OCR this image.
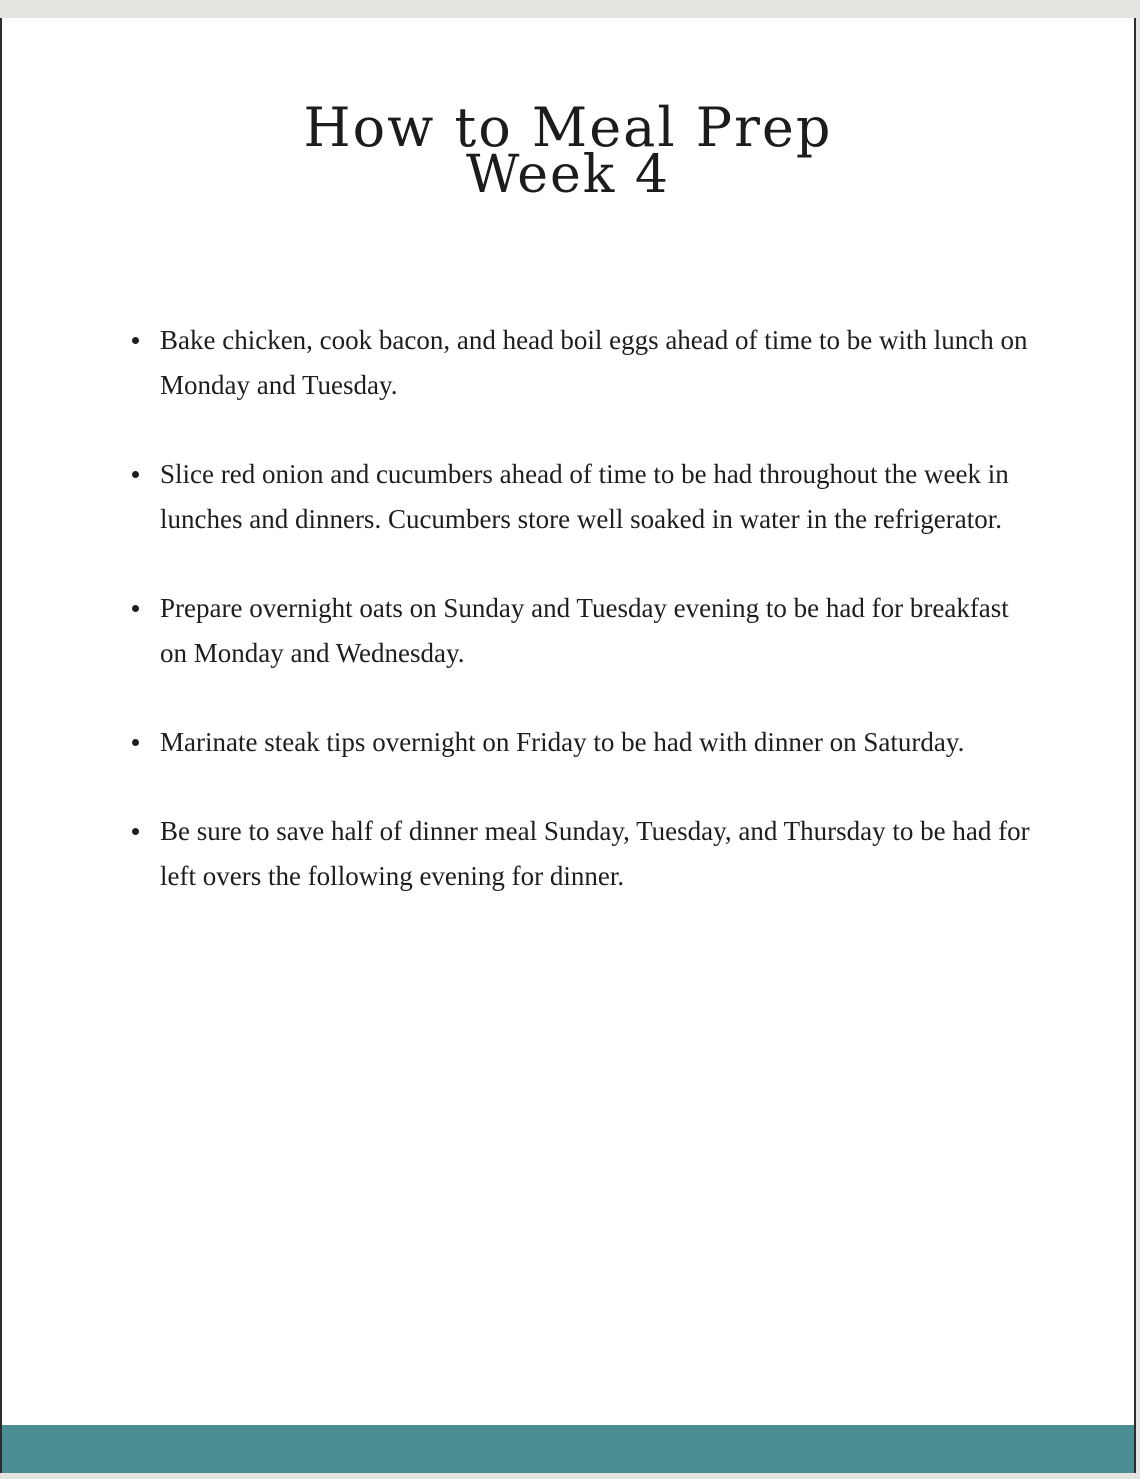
How to Meal Prep
Week 4
Bake chicken, cook bacon, and head boil eggs ahead of time to be with lunch on Monday and Tuesday.
Slice red onion and cucumbers ahead of time to be had throughout the week in lunches and dinners. Cucumbers store well soaked in water in the refrigerator.
Prepare overnight oats on Sunday and Tuesday evening to be had for breakfast on Monday and Wednesday.
Marinate steak tips overnight on Friday to be had with dinner on Saturday.
Be sure to save half of dinner meal Sunday, Tuesday, and Thursday to be had for left overs the following evening for dinner.
